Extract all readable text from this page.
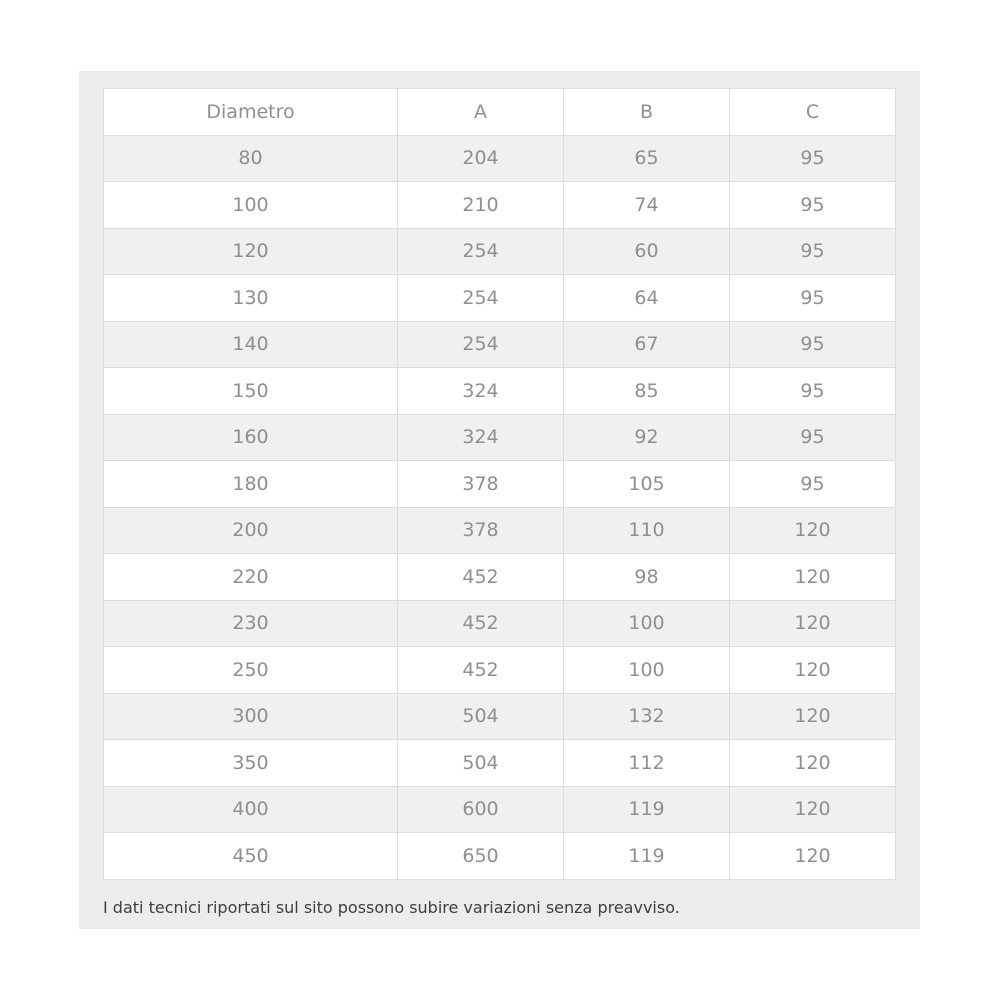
Diametro	A	B	C
80	204	65	95
100	210	74	95
120	254	60	95
130	254	64	95
140	254	67	95
150	324	85	95
160	324	92	95
180	378	105	95
200	378	110	120
220	452	98	120
230	452	100	120
250	452	100	120
300	504	132	120
350	504	112	120
400	600	119	120
450	650	119	120
I dati tecnici riportati sul sito possono subire variazioni senza preavviso.
